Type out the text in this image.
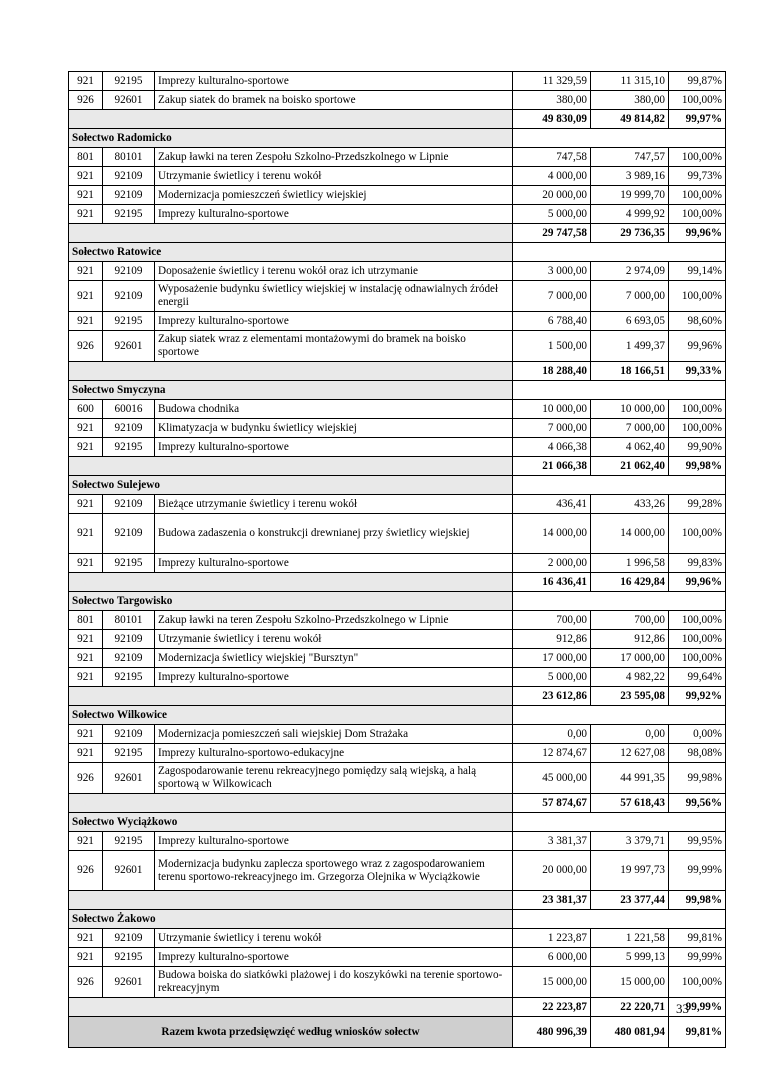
921	92195	Imprezy kulturalno-sportowe	11 329,59	11 315,10	99,87%
926	92601	Zakup siatek do bramek na boisko sportowe	380,00	380,00	100,00%
			49 830,09	49 814,82	99,97%
Sołectwo Radomicko					
801	80101	Zakup ławki na teren Zespołu Szkolno-Przedszkolnego w Lipnie	747,58	747,57	100,00%
921	92109	Utrzymanie świetlicy i terenu wokół	4 000,00	3 989,16	99,73%
921	92109	Modernizacja pomieszczeń świetlicy wiejskiej	20 000,00	19 999,70	100,00%
921	92195	Imprezy kulturalno-sportowe	5 000,00	4 999,92	100,00%
			29 747,58	29 736,35	99,96%
Sołectwo Ratowice					
921	92109	Doposażenie świetlicy i terenu wokół oraz ich utrzymanie	3 000,00	2 974,09	99,14%
921	92109	Wyposażenie budynku świetlicy wiejskiej w instalację odnawialnych źródeł energii	7 000,00	7 000,00	100,00%
921	92195	Imprezy kulturalno-sportowe	6 788,40	6 693,05	98,60%
926	92601	Zakup siatek wraz z elementami montażowymi do bramek na boisko sportowe	1 500,00	1 499,37	99,96%
			18 288,40	18 166,51	99,33%
Sołectwo Smyczyna					
600	60016	Budowa chodnika	10 000,00	10 000,00	100,00%
921	92109	Klimatyzacja w budynku świetlicy wiejskiej	7 000,00	7 000,00	100,00%
921	92195	Imprezy kulturalno-sportowe	4 066,38	4 062,40	99,90%
			21 066,38	21 062,40	99,98%
Sołectwo Sulejewo					
921	92109	Bieżące utrzymanie świetlicy i terenu wokół	436,41	433,26	99,28%
921	92109	Budowa zadaszenia o konstrukcji drewnianej przy świetlicy wiejskiej	14 000,00	14 000,00	100,00%
921	92195	Imprezy kulturalno-sportowe	2 000,00	1 996,58	99,83%
			16 436,41	16 429,84	99,96%
Sołectwo Targowisko					
801	80101	Zakup ławki na teren Zespołu Szkolno-Przedszkolnego w Lipnie	700,00	700,00	100,00%
921	92109	Utrzymanie świetlicy i terenu wokół	912,86	912,86	100,00%
921	92109	Modernizacja świetlicy wiejskiej "Bursztyn"	17 000,00	17 000,00	100,00%
921	92195	Imprezy kulturalno-sportowe	5 000,00	4 982,22	99,64%
			23 612,86	23 595,08	99,92%
Sołectwo Wilkowice					
921	92109	Modernizacja pomieszczeń sali wiejskiej Dom Strażaka	0,00	0,00	0,00%
921	92195	Imprezy kulturalno-sportowo-edukacyjne	12 874,67	12 627,08	98,08%
926	92601	Zagospodarowanie terenu rekreacyjnego pomiędzy salą wiejską, a halą sportową w Wilkowicach	45 000,00	44 991,35	99,98%
			57 874,67	57 618,43	99,56%
Sołectwo Wyciążkowo					
921	92195	Imprezy kulturalno-sportowe	3 381,37	3 379,71	99,95%
926	92601	Modernizacja budynku zaplecza sportowego wraz z zagospodarowaniem terenu sportowo-rekreacyjnego im. Grzegorza Olejnika w Wyciążkowie	20 000,00	19 997,73	99,99%
			23 381,37	23 377,44	99,98%
Sołectwo Żakowo					
921	92109	Utrzymanie świetlicy i terenu wokół	1 223,87	1 221,58	99,81%
921	92195	Imprezy kulturalno-sportowe	6 000,00	5 999,13	99,99%
926	92601	Budowa boiska do siatkówki plażowej i do koszykówki na terenie sportowo-rekreacyjnym	15 000,00	15 000,00	100,00%
			22 223,87	22 220,71	99,99%
Razem kwota przedsięwzięć według wniosków sołectw			480 996,39	480 081,94	99,81%
33
